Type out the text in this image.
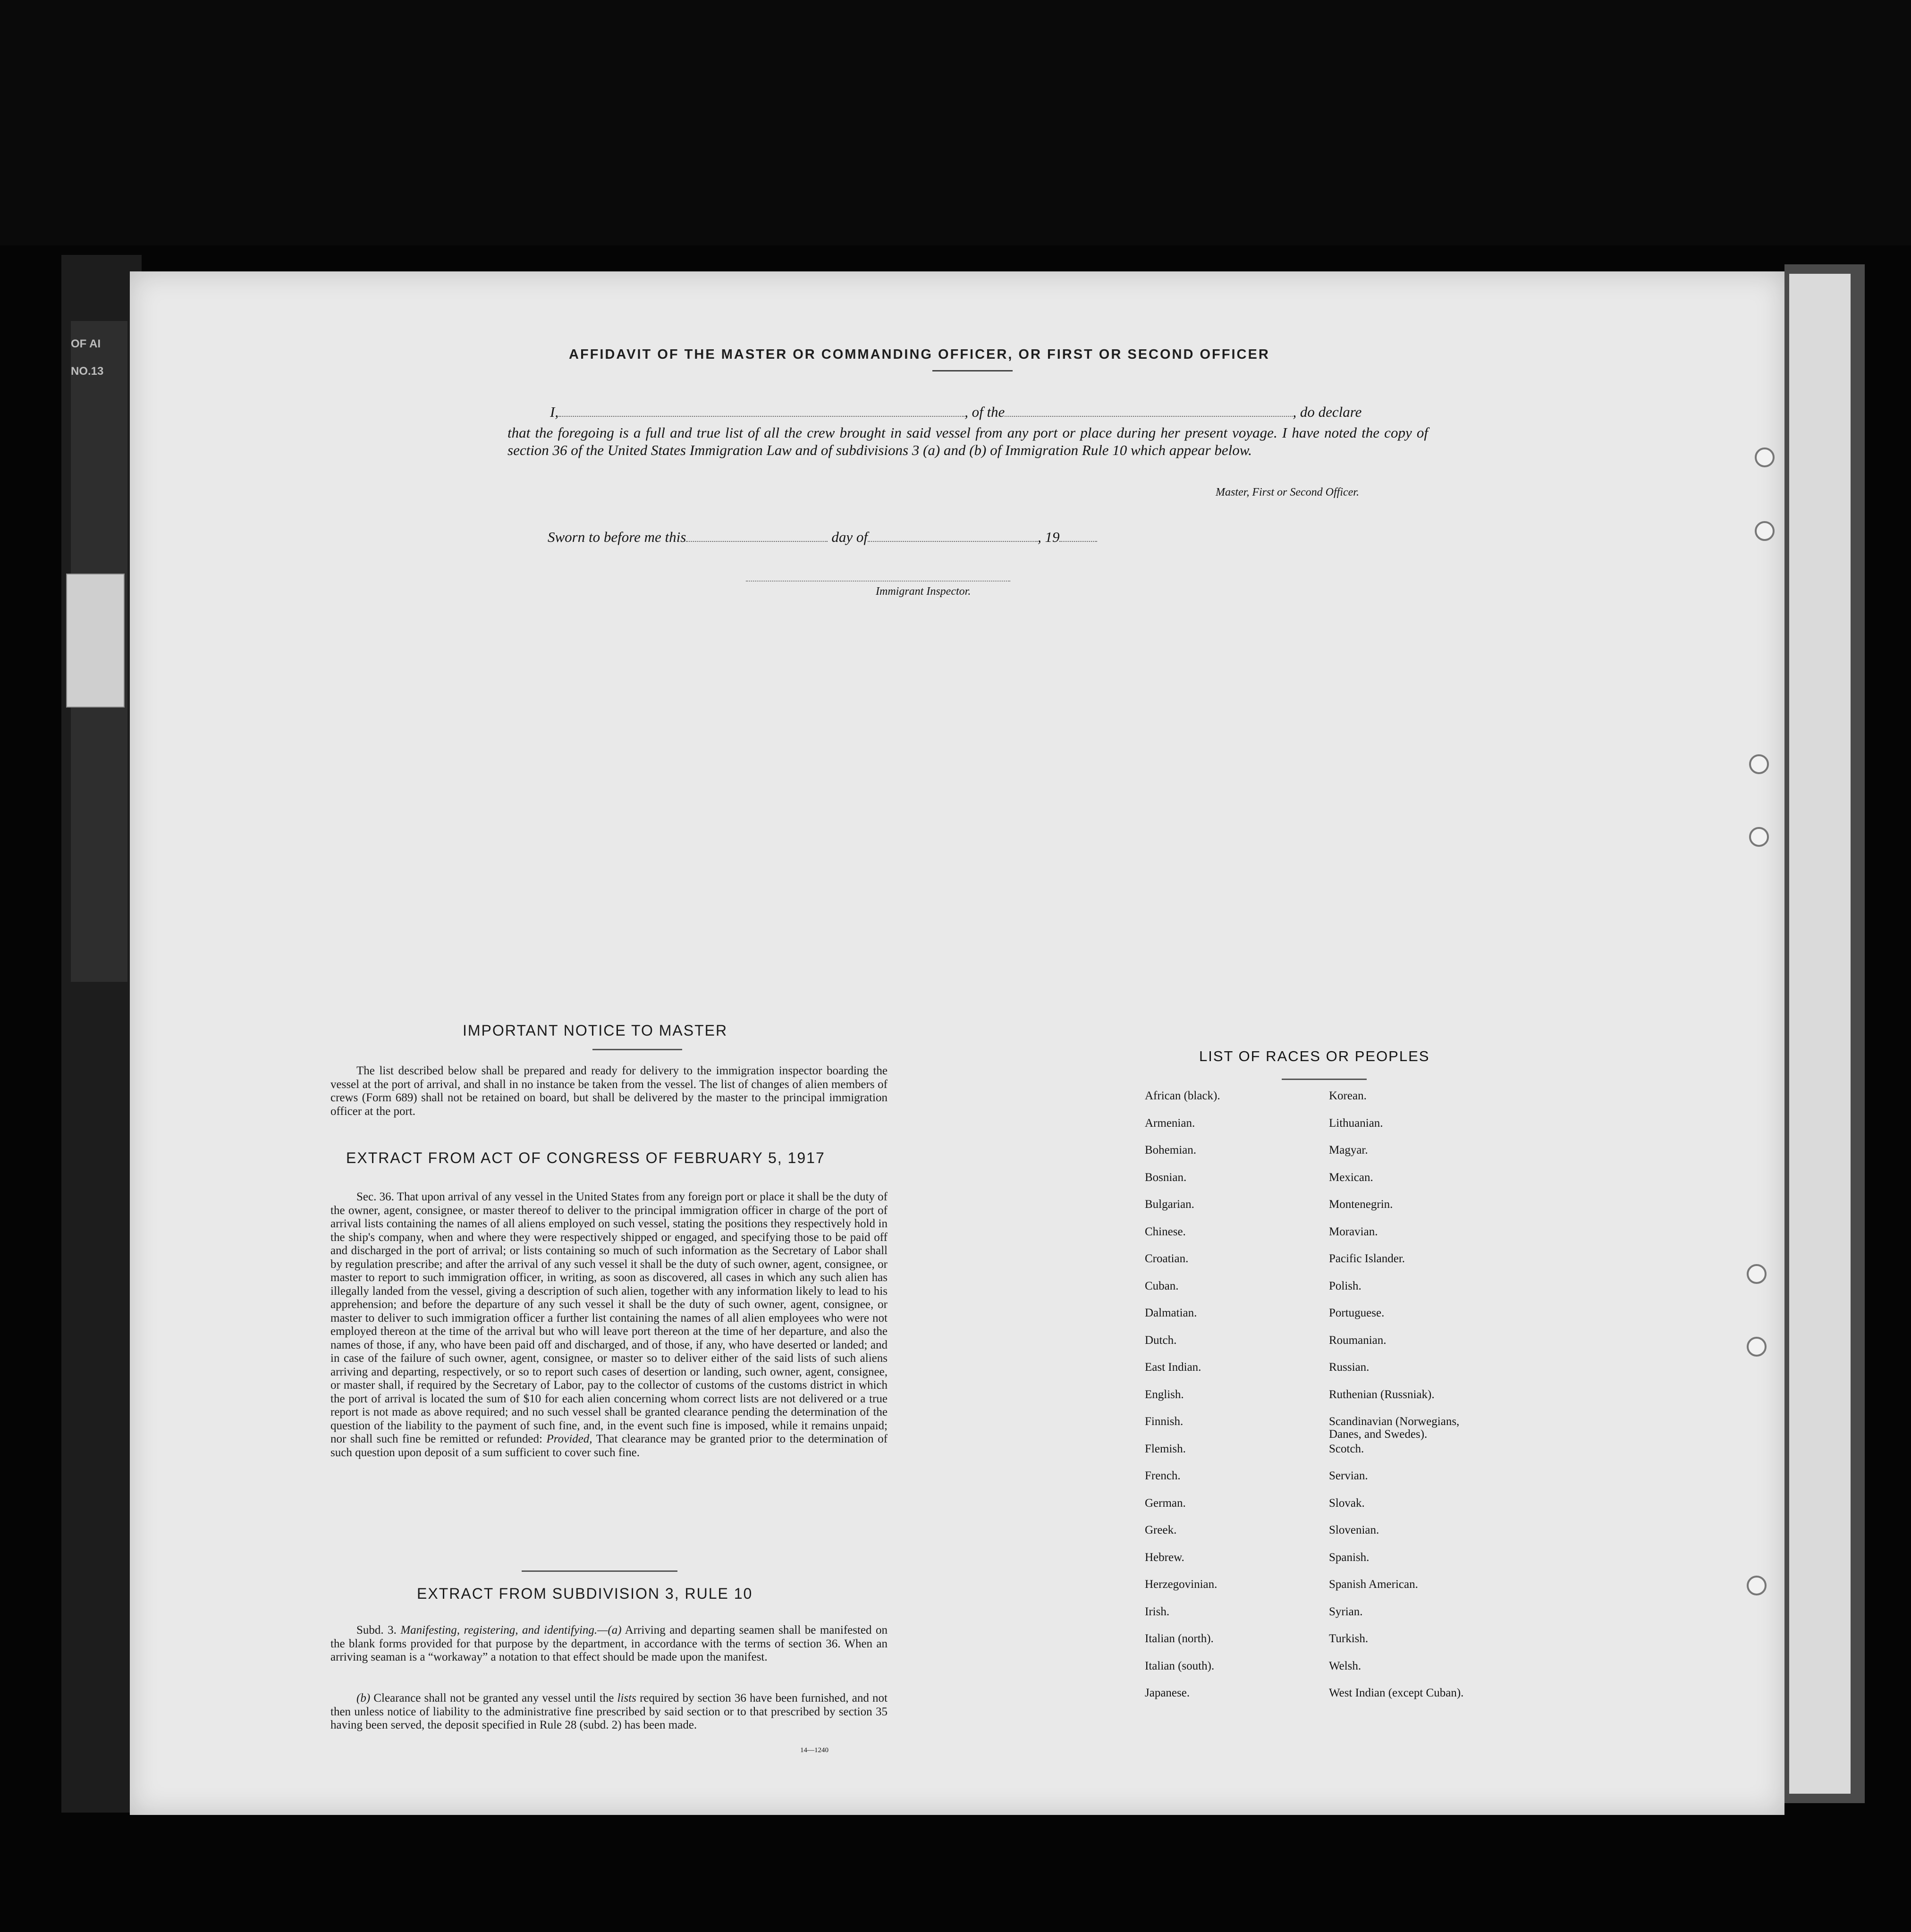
OF AI
NO.13
AFFIDAVIT OF THE MASTER OR COMMANDING OFFICER, OR FIRST OR SECOND OFFICER
I,	, of the	, do declare
that the foregoing is a full and true list of all the crew brought in said vessel from any port or place during her present voyage. I have noted the copy of section 36 of the United States Immigration Law and of subdivisions 3 (a) and (b) of Immigration Rule 10 which appear below.
Master, First or Second Officer.
Sworn to before me this	day of	, 19
Immigrant Inspector.
IMPORTANT NOTICE TO MASTER
The list described below shall be prepared and ready for delivery to the immigration inspector boarding the vessel at the port of arrival, and shall in no instance be taken from the vessel. The list of changes of alien members of crews (Form 689) shall not be retained on board, but shall be delivered by the master to the principal immigration officer at the port.
EXTRACT FROM ACT OF CONGRESS OF FEBRUARY 5, 1917
Sec. 36. That upon arrival of any vessel in the United States from any foreign port or place it shall be the duty of the owner, agent, consignee, or master thereof to deliver to the principal immigration officer in charge of the port of arrival lists containing the names of all aliens employed on such vessel, stating the positions they respectively hold in the ship's company, when and where they were respectively shipped or engaged, and specifying those to be paid off and discharged in the port of arrival; or lists containing so much of such information as the Secretary of Labor shall by regulation prescribe; and after the arrival of any such vessel it shall be the duty of such owner, agent, consignee, or master to report to such immigration officer, in writing, as soon as discovered, all cases in which any such alien has illegally landed from the vessel, giving a description of such alien, together with any information likely to lead to his apprehension; and before the departure of any such vessel it shall be the duty of such owner, agent, consignee, or master to deliver to such immigration officer a further list containing the names of all alien employees who were not employed thereon at the time of the arrival but who will leave port thereon at the time of her departure, and also the names of those, if any, who have been paid off and discharged, and of those, if any, who have deserted or landed; and in case of the failure of such owner, agent, consignee, or master so to deliver either of the said lists of such aliens arriving and departing, respectively, or so to report such cases of desertion or landing, such owner, agent, consignee, or master shall, if required by the Secretary of Labor, pay to the collector of customs of the customs district in which the port of arrival is located the sum of $10 for each alien concerning whom correct lists are not delivered or a true report is not made as above required; and no such vessel shall be granted clearance pending the determination of the question of the liability to the payment of such fine, and, in the event such fine is imposed, while it remains unpaid; nor shall such fine be remitted or refunded: Provided, That clearance may be granted prior to the determination of such question upon deposit of a sum sufficient to cover such fine.
EXTRACT FROM SUBDIVISION 3, RULE 10
Subd. 3. Manifesting, registering, and identifying.—(a) Arriving and departing seamen shall be manifested on the blank forms provided for that purpose by the department, in accordance with the terms of section 36. When an arriving seaman is a “workaway” a notation to that effect should be made upon the manifest.
(b) Clearance shall not be granted any vessel until the lists required by section 36 have been furnished, and not then unless notice of liability to the administrative fine prescribed by said section or to that prescribed by section 35 having been served, the deposit specified in Rule 28 (subd. 2) has been made.
14—1240
LIST OF RACES OR PEOPLES
African (black).
Armenian.
Bohemian.
Bosnian.
Bulgarian.
Chinese.
Croatian.
Cuban.
Dalmatian.
Dutch.
East Indian.
English.
Finnish.
Flemish.
French.
German.
Greek.
Hebrew.
Herzegovinian.
Irish.
Italian (north).
Italian (south).
Japanese.
Korean.
Lithuanian.
Magyar.
Mexican.
Montenegrin.
Moravian.
Pacific Islander.
Polish.
Portuguese.
Roumanian.
Russian.
Ruthenian (Russniak).
Scandinavian (Norwegians,
Danes, and Swedes).
Scotch.
Servian.
Slovak.
Slovenian.
Spanish.
Spanish American.
Syrian.
Turkish.
Welsh.
West Indian (except Cuban).
